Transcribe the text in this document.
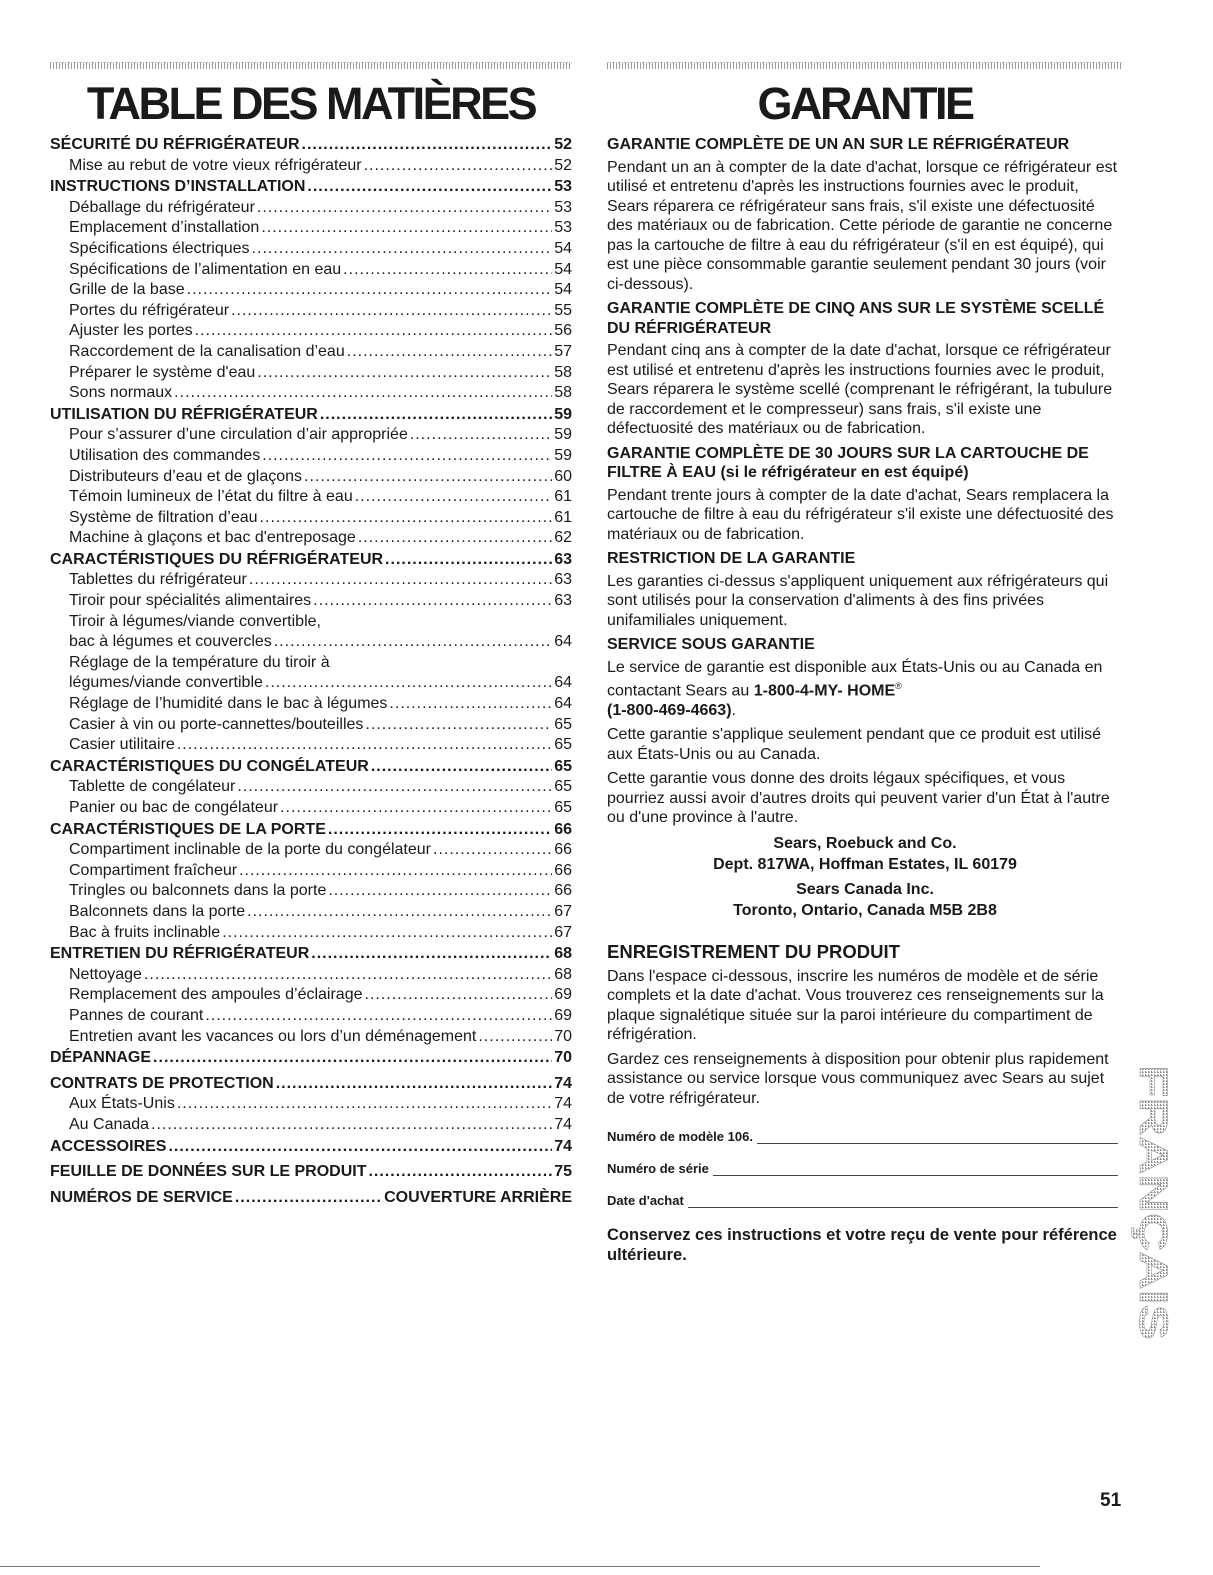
TABLE DES MATIÈRES
SÉCURITÉ DU RÉFRIGÉRATEUR .....	52
Mise au rebut de votre vieux réfrigérateur .....	52
INSTRUCTIONS D’INSTALLATION .....	53
Déballage du réfrigérateur .....	53
Emplacement d’installation .....	53
Spécifications électriques .....	54
Spécifications de l’alimentation en eau .....	54
Grille de la base .....	54
Portes du réfrigérateur .....	55
Ajuster les portes .....	56
Raccordement de la canalisation d’eau .....	57
Préparer le système d'eau .....	58
Sons normaux .....	58
UTILISATION DU RÉFRIGÉRATEUR .....	59
Pour s’assurer d’une circulation d’air appropriée .....	59
Utilisation des commandes .....	59
Distributeurs d’eau et de glaçons .....	60
Témoin lumineux de l’état du filtre à eau .....	61
Système de filtration d’eau .....	61
Machine à glaçons et bac d'entreposage .....	62
CARACTÉRISTIQUES DU RÉFRIGÉRATEUR .....	63
Tablettes du réfrigérateur .....	63
Tiroir pour spécialités alimentaires .....	63
Tiroir à légumes/viande convertible,
bac à légumes et couvercles .....	64
Réglage de la température du tiroir à
légumes/viande convertible .....	64
Réglage de l’humidité dans le bac à légumes .....	64
Casier à vin ou porte-cannettes/bouteilles .....	65
Casier utilitaire .....	65
CARACTÉRISTIQUES DU CONGÉLATEUR .....	65
Tablette de congélateur .....	65
Panier ou bac de congélateur .....	65
CARACTÉRISTIQUES DE LA PORTE .....	66
Compartiment inclinable de la porte du congélateur .....	66
Compartiment fraîcheur .....	66
Tringles ou balconnets dans la porte .....	66
Balconnets dans la porte .....	67
Bac à fruits inclinable .....	67
ENTRETIEN DU RÉFRIGÉRATEUR .....	68
Nettoyage .....	68
Remplacement des ampoules d’éclairage .....	69
Pannes de courant .....	69
Entretien avant les vacances ou lors d’un déménagement .....	70
DÉPANNAGE .....	70
CONTRATS DE PROTECTION .....	74
Aux États-Unis .....	74
Au Canada .....	74
ACCESSOIRES .....	74
FEUILLE DE DONNÉES SUR LE PRODUIT .....	75
NUMÉROS DE SERVICE .....	COUVERTURE ARRIÈRE
GARANTIE
GARANTIE COMPLÈTE DE UN AN SUR LE RÉFRIGÉRATEUR
Pendant un an à compter de la date d'achat, lorsque ce réfrigérateur est utilisé et entretenu d'après les instructions fournies avec le produit, Sears réparera ce réfrigérateur sans frais, s'il existe une défectuosité des matériaux ou de fabrication. Cette période de garantie ne concerne pas la cartouche de filtre à eau du réfrigérateur (s'il en est équipé), qui est une pièce consommable garantie seulement pendant 30 jours (voir ci-dessous).
GARANTIE COMPLÈTE DE CINQ ANS SUR LE SYSTÈME SCELLÉ DU RÉFRIGÉRATEUR
Pendant cinq ans à compter de la date d'achat, lorsque ce réfrigérateur est utilisé et entretenu d'après les instructions fournies avec le produit, Sears réparera le système scellé (comprenant le réfrigérant, la tubulure de raccordement et le compresseur) sans frais, s'il existe une défectuosité des matériaux ou de fabrication.
GARANTIE COMPLÈTE DE 30 JOURS SUR LA CARTOUCHE DE FILTRE À EAU (si le réfrigérateur en est équipé)
Pendant trente jours à compter de la date d'achat, Sears remplacera la cartouche de filtre à eau du réfrigérateur s'il existe une défectuosité des matériaux ou de fabrication.
RESTRICTION DE LA GARANTIE
Les garanties ci-dessus s'appliquent uniquement aux réfrigérateurs qui sont utilisés pour la conservation d'aliments à des fins privées unifamiliales uniquement.
SERVICE SOUS GARANTIE
Le service de garantie est disponible aux États-Unis ou au Canada en contactant Sears au 1-800-4-MY- HOME®
(1-800-469-4663).
Cette garantie s'applique seulement pendant que ce produit est utilisé aux États-Unis ou au Canada.
Cette garantie vous donne des droits légaux spécifiques, et vous pourriez aussi avoir d'autres droits qui peuvent varier d'un État à l'autre ou d'une province à l'autre.
Sears, Roebuck and Co.
Dept. 817WA, Hoffman Estates, IL 60179
Sears Canada Inc.
Toronto, Ontario, Canada M5B 2B8
ENREGISTREMENT DU PRODUIT
Dans l'espace ci-dessous, inscrire les numéros de modèle et de série complets et la date d'achat. Vous trouverez ces renseignements sur la plaque signalétique située sur la paroi intérieure du compartiment de réfrigération.
Gardez ces renseignements à disposition pour obtenir plus rapidement assistance ou service lorsque vous communiquez avec Sears au sujet de votre réfrigérateur.
Numéro de modèle 106.
Numéro de série
Date d'achat
Conservez ces instructions et votre reçu de vente pour référence ultérieure.	FRANÇAIS
51
